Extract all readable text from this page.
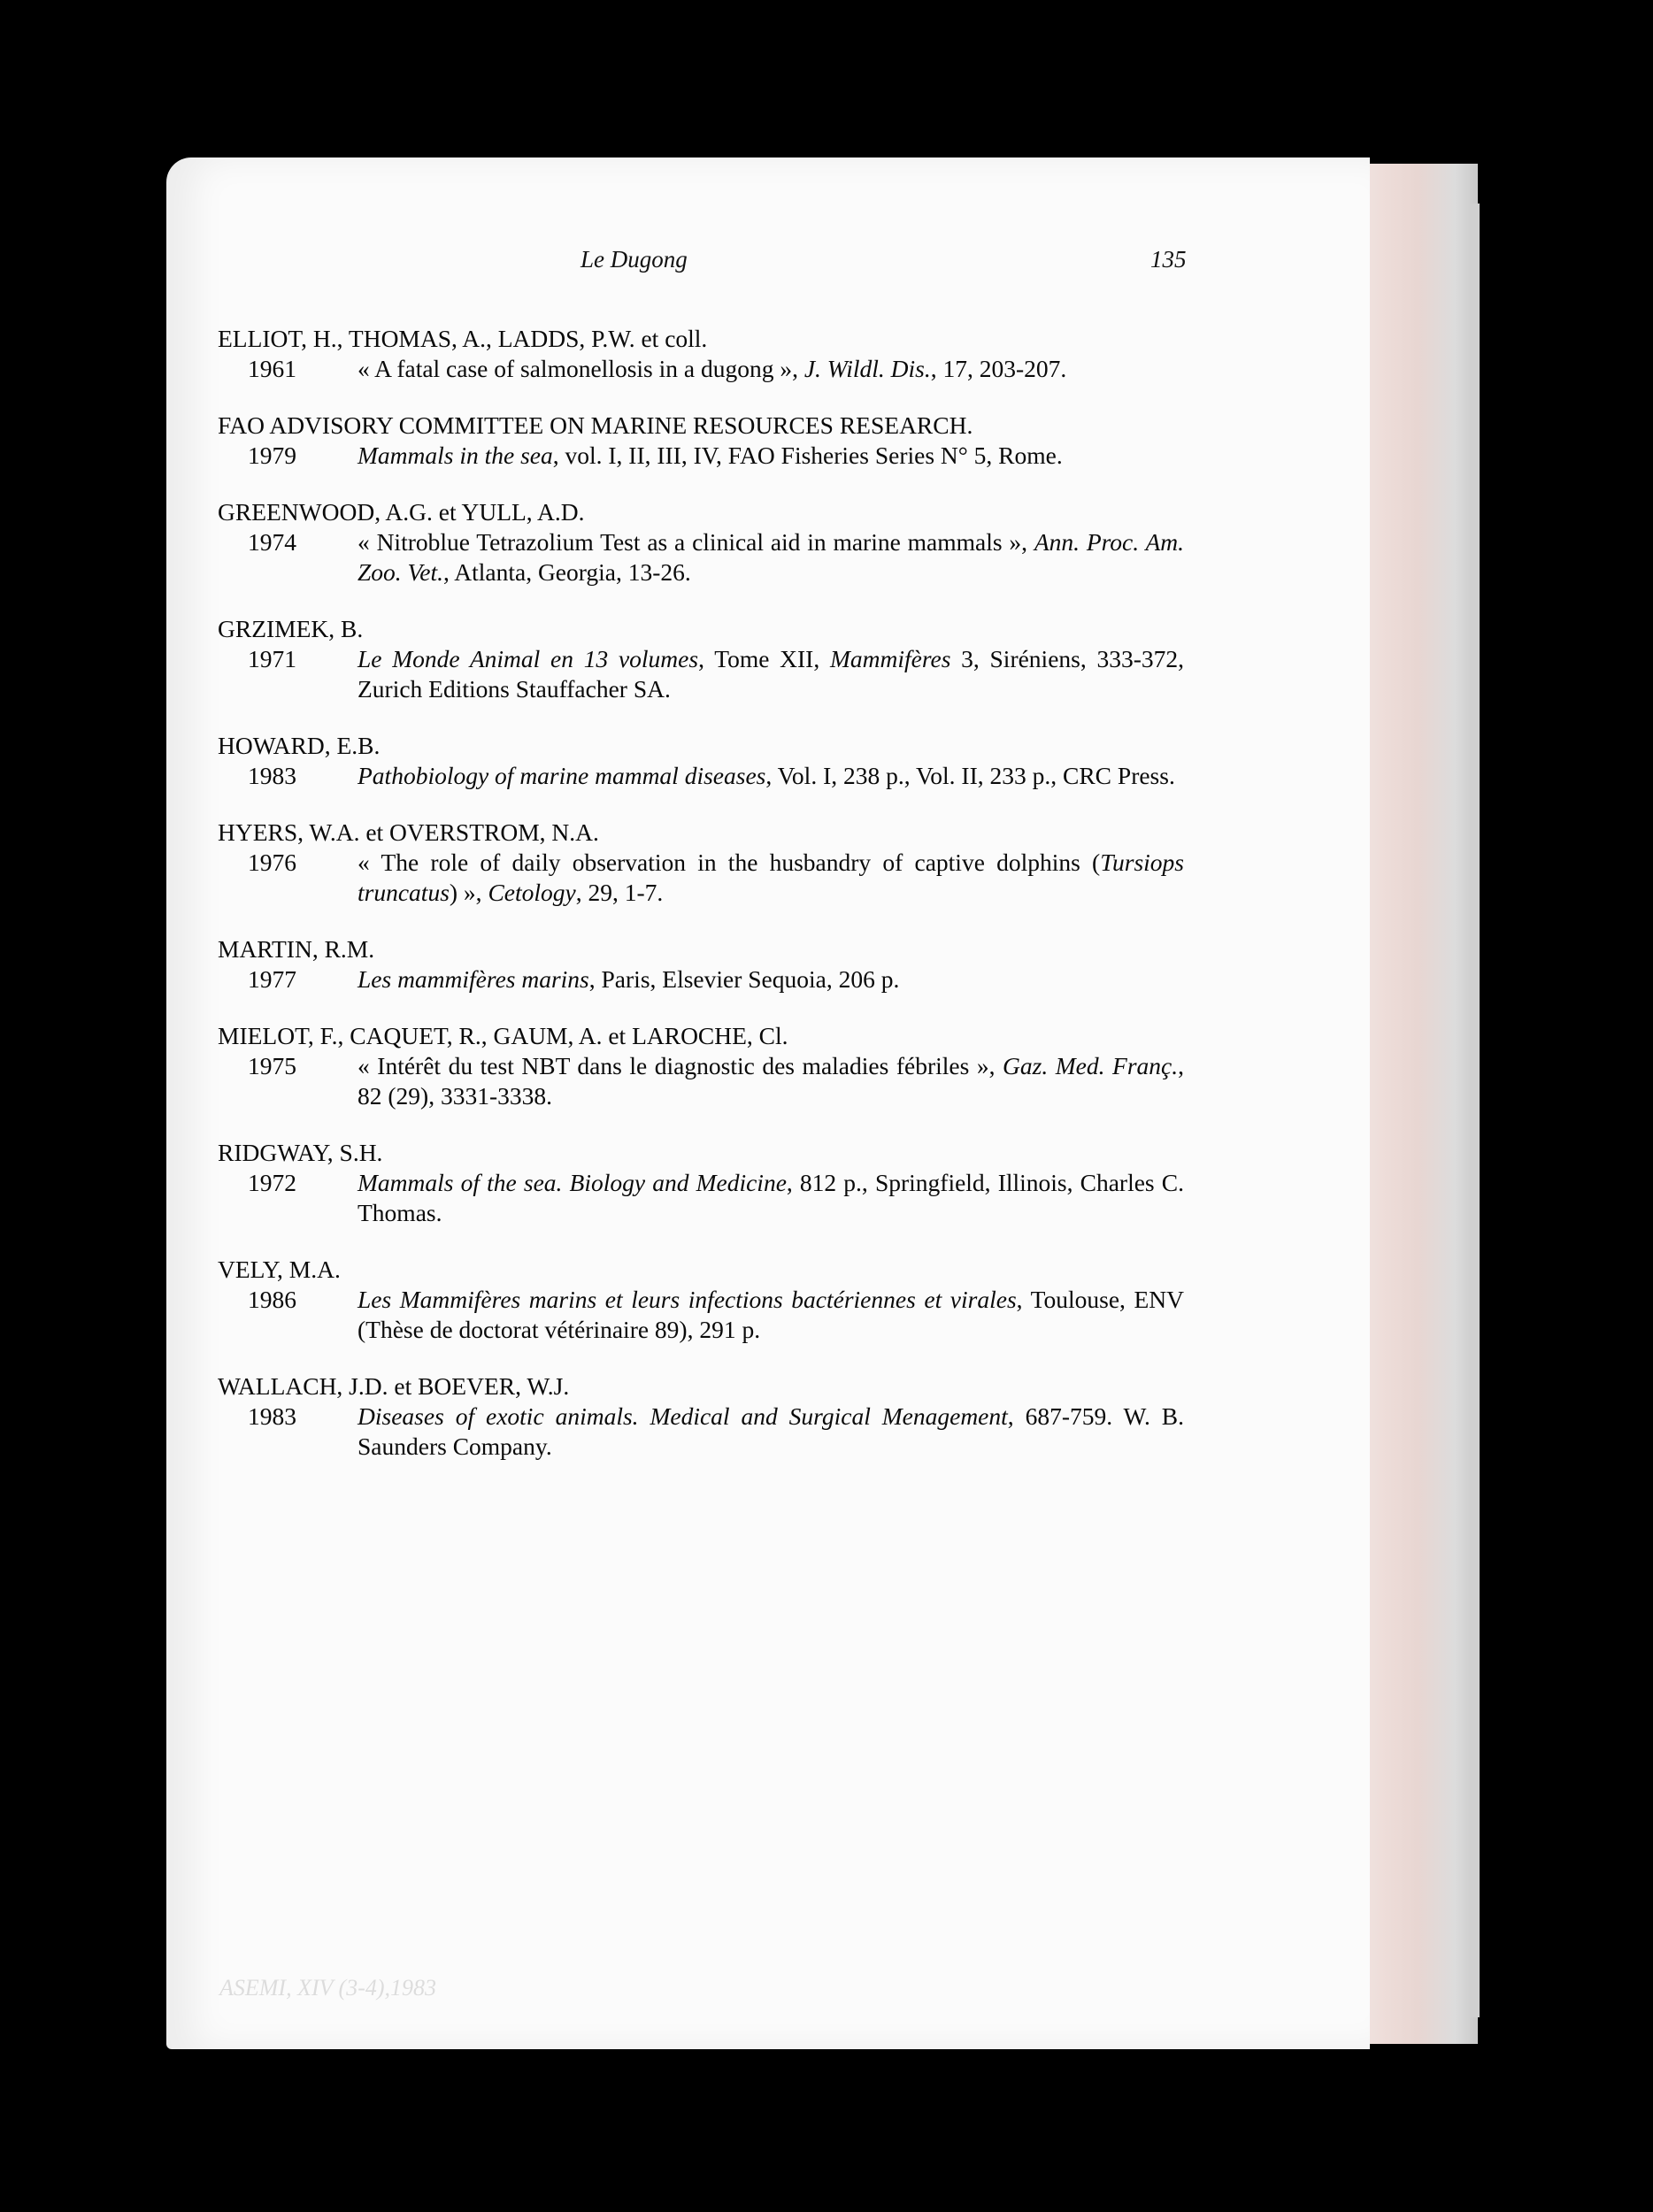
Le Dugong	135
ELLIOT, H., THOMAS, A., LADDS, P.W. et coll.
1961	« A fatal case of salmonellosis in a dugong », J. Wildl. Dis., 17, 203-207.
FAO ADVISORY COMMITTEE ON MARINE RESOURCES RESEARCH.
1979	Mammals in the sea, vol. I, II, III, IV, FAO Fisheries Series N° 5, Rome.
GREENWOOD, A.G. et YULL, A.D.
1974	« Nitroblue Tetrazolium Test as a clinical aid in marine mammals », Ann. Proc. Am. Zoo. Vet., Atlanta, Georgia, 13-26.
GRZIMEK, B.
1971	Le Monde Animal en 13 volumes, Tome XII, Mammifères 3, Siréniens, 333-372, Zurich Editions Stauffacher SA.
HOWARD, E.B.
1983	Pathobiology of marine mammal diseases, Vol. I, 238 p., Vol. II, 233 p., CRC Press.
HYERS, W.A. et OVERSTROM, N.A.
1976	« The role of daily observation in the husbandry of captive dolphins (Tursiops truncatus) », Cetology, 29, 1-7.
MARTIN, R.M.
1977	Les mammifères marins, Paris, Elsevier Sequoia, 206 p.
MIELOT, F., CAQUET, R., GAUM, A. et LAROCHE, Cl.
1975	« Intérêt du test NBT dans le diagnostic des maladies fébriles », Gaz. Med. Franç., 82 (29), 3331-3338.
RIDGWAY, S.H.
1972	Mammals of the sea. Biology and Medicine, 812 p., Springfield, Illinois, Charles C. Thomas.
VELY, M.A.
1986	Les Mammifères marins et leurs infections bactériennes et virales, Toulouse, ENV (Thèse de doctorat vétérinaire 89), 291 p.
WALLACH, J.D. et BOEVER, W.J.
1983	Diseases of exotic animals. Medical and Surgical Menagement, 687-759. W. B. Saunders Company.
ASEMI, XIV (3-4),1983
